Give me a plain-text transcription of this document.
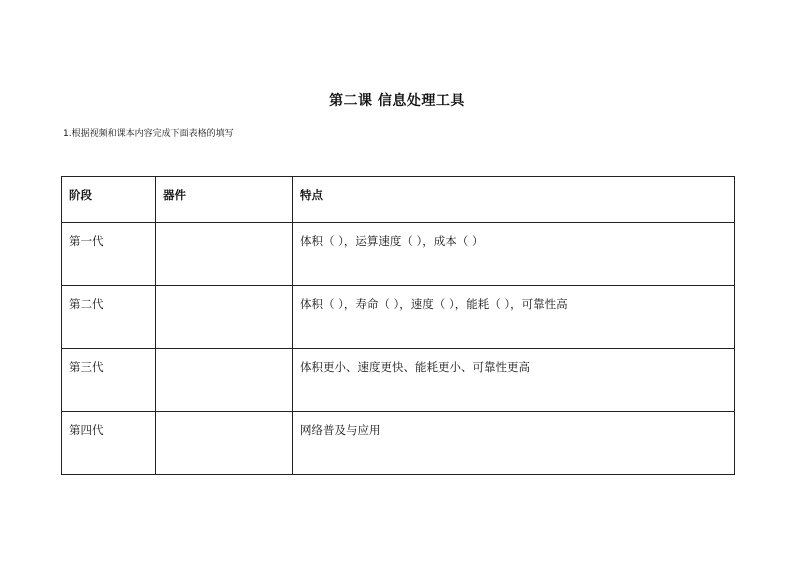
第二课 信息处理工具
1.根据视频和课本内容完成下面表格的填写
阶段	器件	特点
第一代		体积（ ），运算速度（ ），成本（ ）
第二代		体积（ ），寿命（ ），速度（ ），能耗（ ），可靠性高
第三代		体积更小、速度更快、能耗更小、可靠性更高
第四代		网络普及与应用
